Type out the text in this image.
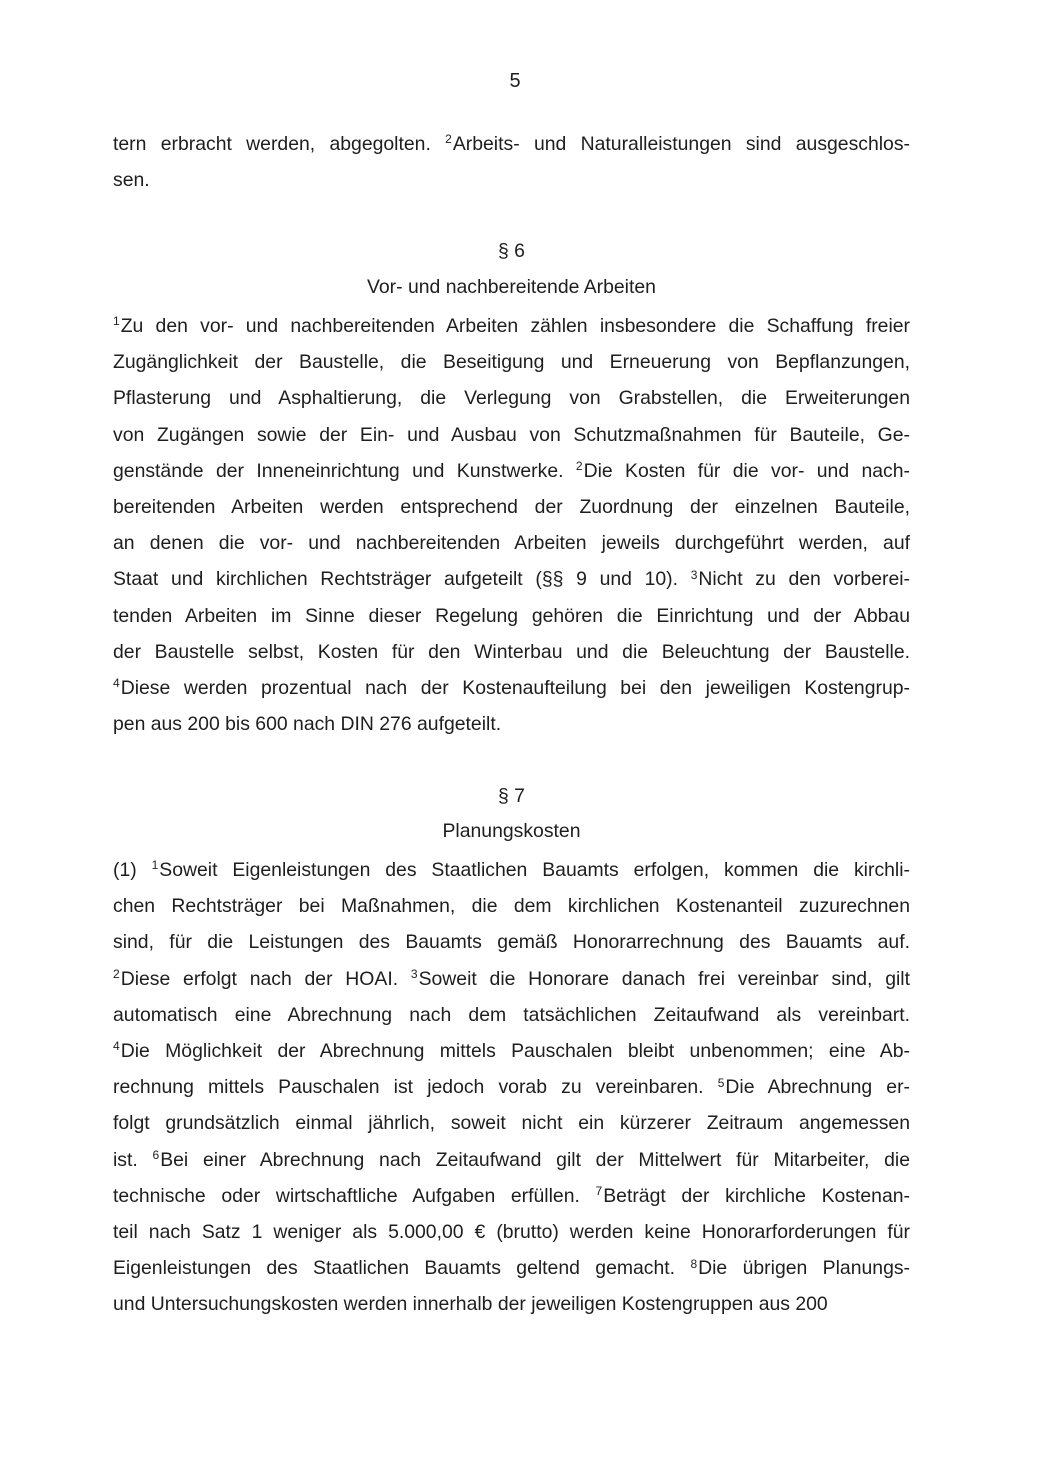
5
tern erbracht werden, abgegolten. $^2$Arbeits- und Naturalleistungen sind ausgeschlos-
sen.
§ 6
Vor- und nachbereitende Arbeiten
$^1$Zu den vor- und nachbereitenden Arbeiten zählen insbesondere die Schaffung freier
Zugänglichkeit der Baustelle, die Beseitigung und Erneuerung von Bepflanzungen,
Pflasterung und Asphaltierung, die Verlegung von Grabstellen, die Erweiterungen
von Zugängen sowie der Ein- und Ausbau von Schutzmaßnahmen für Bauteile, Ge-
genstände der Inneneinrichtung und Kunstwerke. $^2$Die Kosten für die vor- und nach-
bereitenden Arbeiten werden entsprechend der Zuordnung der einzelnen Bauteile,
an denen die vor- und nachbereitenden Arbeiten jeweils durchgeführt werden, auf
Staat und kirchlichen Rechtsträger aufgeteilt (§§ 9 und 10). $^3$Nicht zu den vorberei-
tenden Arbeiten im Sinne dieser Regelung gehören die Einrichtung und der Abbau
der Baustelle selbst, Kosten für den Winterbau und die Beleuchtung der Baustelle.
$^4$Diese werden prozentual nach der Kostenaufteilung bei den jeweiligen Kostengrup-
pen aus 200 bis 600 nach DIN 276 aufgeteilt.
§ 7
Planungskosten
(1) $^1$Soweit Eigenleistungen des Staatlichen Bauamts erfolgen, kommen die kirchli-
chen Rechtsträger bei Maßnahmen, die dem kirchlichen Kostenanteil zuzurechnen
sind, für die Leistungen des Bauamts gemäß Honorarrechnung des Bauamts auf.
$^2$Diese erfolgt nach der HOAI. $^3$Soweit die Honorare danach frei vereinbar sind, gilt
automatisch eine Abrechnung nach dem tatsächlichen Zeitaufwand als vereinbart.
$^4$Die Möglichkeit der Abrechnung mittels Pauschalen bleibt unbenommen; eine Ab-
rechnung mittels Pauschalen ist jedoch vorab zu vereinbaren. $^5$Die Abrechnung er-
folgt grundsätzlich einmal jährlich, soweit nicht ein kürzerer Zeitraum angemessen
ist. $^6$Bei einer Abrechnung nach Zeitaufwand gilt der Mittelwert für Mitarbeiter, die
technische oder wirtschaftliche Aufgaben erfüllen. $^7$Beträgt der kirchliche Kostenan-
teil nach Satz 1 weniger als 5.000,00 € (brutto) werden keine Honorarforderungen für
Eigenleistungen des Staatlichen Bauamts geltend gemacht. $^8$Die übrigen Planungs-
und Untersuchungskosten werden innerhalb der jeweiligen Kostengruppen aus 200
